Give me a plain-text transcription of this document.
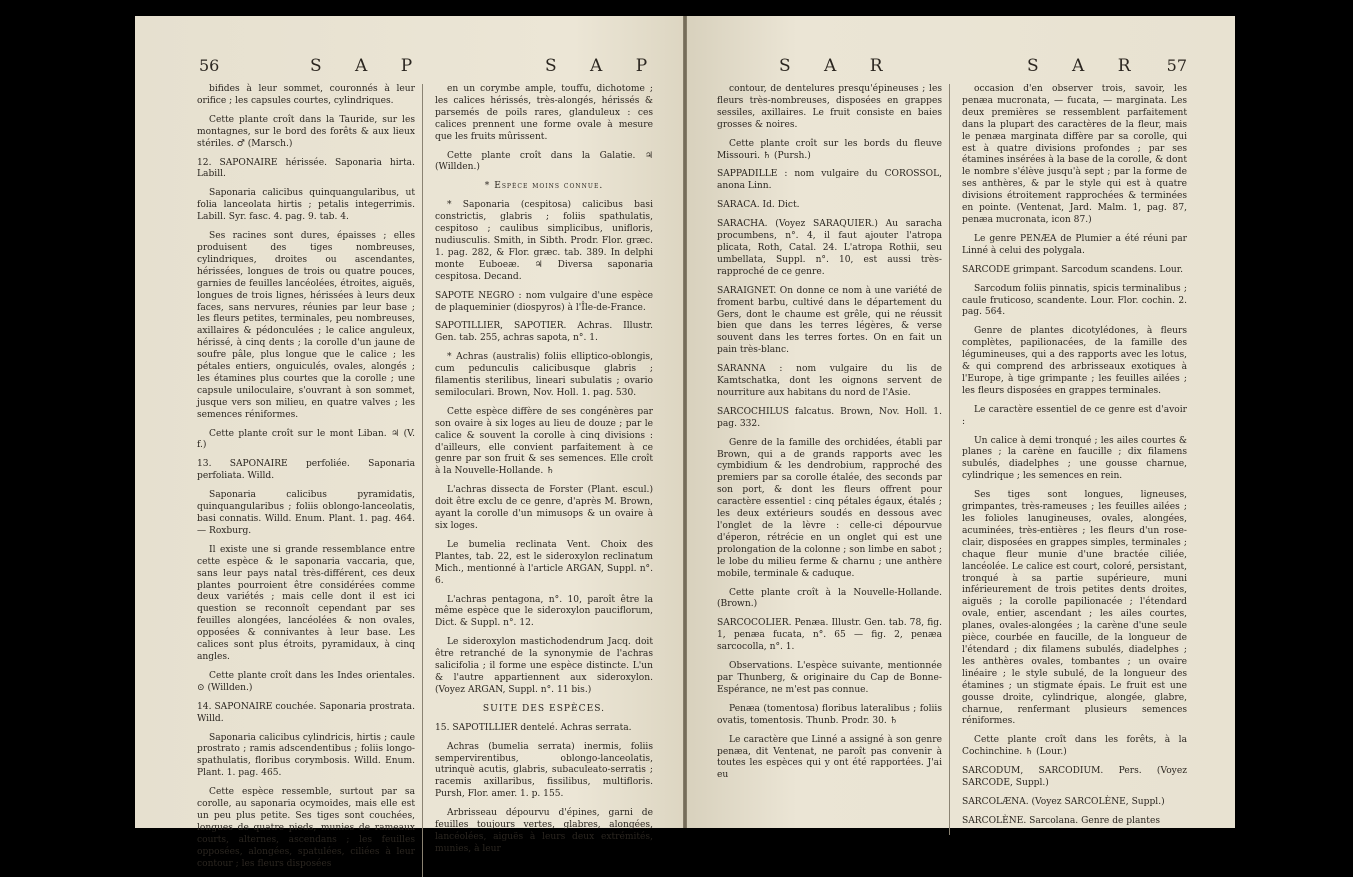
56	S A P	S A P

bifides à leur sommet, couronnés à leur orifice ; les capsules courtes, cylindriques.

Cette plante croît dans la Tauride, sur les montagnes, sur le bord des forêts & aux lieux stériles. ♂ (Marsch.)

12. SAPONAIRE hérissée. Saponaria hirta. Labill.

Saponaria calicibus quinquangularibus, ut folia lanceolata hirtis ; petalis integerrimis. Labill. Syr. fasc. 4. pag. 9. tab. 4.

Ses racines sont dures, épaisses ; elles produisent des tiges nombreuses, cylindriques, droites ou ascendantes, hérissées, longues de trois ou quatre pouces, garnies de feuilles lancéolées, étroites, aiguës, longues de trois lignes, hérissées à leurs deux faces, sans nervures, réunies par leur base ; les fleurs petites, terminales, peu nombreuses, axillaires & pédonculées ; le calice anguleux, hérissé, à cinq dents ; la corolle d'un jaune de soufre pâle, plus longue que le calice ; les pétales entiers, onguiculés, ovales, alongés ; les étamines plus courtes que la corolle ; une capsule uniloculaire, s'ouvrant à son sommet, jusque vers son milieu, en quatre valves ; les semences réniformes.

Cette plante croît sur le mont Liban. ♃ (V. f.)

13. SAPONAIRE perfoliée. Saponaria perfoliata. Willd.

Saponaria calicibus pyramidatis, quinquangularibus ; foliis oblongo-lanceolatis, basi connatis. Willd. Enum. Plant. 1. pag. 464. — Roxburg.

Il existe une si grande ressemblance entre cette espèce & le saponaria vaccaria, que, sans leur pays natal très-différent, ces deux plantes pourroient être considérées comme deux variétés ; mais celle dont il est ici question se reconnoît cependant par ses feuilles alongées, lancéolées & non ovales, opposées & connivantes à leur base. Les calices sont plus étroits, pyramidaux, à cinq angles.

Cette plante croît dans les Indes orientales. ⊙ (Willden.)

14. SAPONAIRE couchée. Saponaria prostrata. Willd.

Saponaria calicibus cylindricis, hirtis ; caule prostrato ; ramis adscendentibus ; foliis longo-spathulatis, floribus corymbosis. Willd. Enum. Plant. 1. pag. 465.

Cette espèce ressemble, surtout par sa corolle, au saponaria ocymoides, mais elle est un peu plus petite. Ses tiges sont couchées, longues de quatre pieds, munies de rameaux courts, alternes, ascendans ; les feuilles opposées, alongées, spatulées, ciliées à leur contour ; les fleurs disposées

en un corymbe ample, touffu, dichotome ; les calices hérissés, très-alongés, hérissés & parsemés de poils rares, glanduleux : ces calices prennent une forme ovale à mesure que les fruits mûrissent.

Cette plante croît dans la Galatie. ♃ (Willden.)

* Espèce moins connue.

* Saponaria (cespitosa) calicibus basi constrictis, glabris ; foliis spathulatis, cespitoso ; caulibus simplicibus, unifloris, nudiusculis. Smith, in Sibth. Prodr. Flor. græc. 1. pag. 282, & Flor. græc. tab. 389. In delphi monte Euboeæ. ♃ Diversa saponaria cespitosa. Decand.

SAPOTE NEGRO : nom vulgaire d'une espèce de plaqueminier (diospyros) à l'Île-de-France.

SAPOTILLIER, SAPOTIER. Achras. Illustr. Gen. tab. 255, achras sapota, n°. 1.

* Achras (australis) foliis ellipticо-oblongis, cum pedunculis calicibusque glabris ; filamentis sterilibus, linearі subulatis ; ovario semiloculari. Brown, Nov. Holl. 1. pag. 530.

Cette espèce diffère de ses congénères par son ovaire à six loges au lieu de douze ; par le calice & souvent la corolle à cinq divisions : d'ailleurs, elle convient parfaitement à ce genre par son fruit & ses semences. Elle croît à la Nouvelle-Hollande. ♄

L'achras dissecta de Forster (Plant. escul.) doit être exclu de ce genre, d'après M. Brown, ayant la corolle d'un mimusops & un ovaire à six loges.

Le bumelia reclinata Vent. Choix des Plantes, tab. 22, est le sideroxylon reclinatum Mich., mentionné à l'article ARGAN, Suppl. n°. 6.

L'achras pentagona, n°. 10, paroît être la même espèce que le sideroxylon pauciflorum, Dict. & Suppl. n°. 12.

Le sideroxylon mastichodendrum Jacq. doit être retranché de la synonymie de l'achras salicifolia ; il forme une espèce distincte. L'un & l'autre appartiennent aux sideroxylon. (Voyez ARGAN, Suppl. n°. 11 bis.)

SUITE DES ESPÈCES.

15. SAPOTILLIER dentelé. Achras serrata.

Achras (bumelia serrata) inermis, foliis sempervirentibus, oblongo-lanceolatis, utrinquè acutis, glabris, subaculeato-serratis ; racemis axillaribus, fissilibus, multifloris. Pursh, Flor. amer. 1. p. 155.

Arbrisseau dépourvu d'épines, garni de feuilles toujours vertes, glabres, alongées, lancéolées, aiguës à leurs deux extrémités, munies, à leur

57
S A R	S A R

contour, de dentelures presqu'épineuses ; les fleurs très-nombreuses, disposées en grappes sessiles, axillaires. Le fruit consiste en baies grosses & noires.

Cette plante croît sur les bords du fleuve Missouri. ♄ (Pursh.)

SAPPADILLE : nom vulgaire du COROSSOL, anona Linn.

SARACA. Id. Dict.

SARACHA. (Voyez SARAQUIER.) Au saracha procumbens, n°. 4, il faut ajouter l'atropa plicata, Roth, Catal. 24. L'atropa Rothii, seu umbellata, Suppl. n°. 10, est aussi très-rapproché de ce genre.

SARAIGNET. On donne ce nom à une variété de froment barbu, cultivé dans le département du Gers, dont le chaume est grêle, qui ne réussit bien que dans les terres légères, & verse souvent dans les terres fortes. On en fait un pain très-blanc.

SARANNA : nom vulgaire du lis de Kamtschatka, dont les oignons servent de nourriture aux habitans du nord de l'Asie.

SARCOCHILUS falcatus. Brown, Nov. Holl. 1. pag. 332.

Genre de la famille des orchidées, établi par Brown, qui a de grands rapports avec les cymbidium & les dendrobium, rapproché des premiers par sa corolle étalée, des seconds par son port, & dont les fleurs offrent pour caractère essentiel : cinq pétales égaux, étalés ; les deux extérieurs soudés en dessous avec l'onglet de la lèvre : celle-ci dépourvue d'éperon, rétrécie en un onglet qui est une prolongation de la colonne ; son limbe en sabot ; le lobe du milieu ferme & charnu ; une anthère mobile, terminale & caduque.

Cette plante croît à la Nouvelle-Hollande. (Brown.)

SARCOCOLIER. Penæa. Illustr. Gen. tab. 78, fig. 1, penæa fucata, n°. 65 — fig. 2, penæa sarcocolla, n°. 1.

Observations. L'espèce suivante, mentionnée par Thunberg, & originaire du Cap de Bonne-Espérance, ne m'est pas connue.

Penæa (tomentosa) floribus lateralibus ; foliis ovatis, tomentosis. Thunb. Prodr. 30. ♄

Le caractère que Linné a assigné à son genre penæa, dit Ventenat, ne paroît pas convenir à toutes les espèces qui y ont été rapportées. J'ai eu

occasion d'en observer trois, savoir, les penæa mucronata, — fucata, — marginata. Les deux premières se ressemblent parfaitement dans la plupart des caractères de la fleur, mais le penæa marginata diffère par sa corolle, qui est à quatre divisions profondes ; par ses étamines insérées à la base de la corolle, & dont le nombre s'élève jusqu'à sept ; par la forme de ses anthères, & par le style qui est à quatre divisions étroitement rapprochées & terminées en pointe. (Ventenat, Jard. Malm. 1, pag. 87, penæa mucronata, icon 87.)

Le genre PENÆA de Plumier a été réuni par Linné à celui des polygala.

SARCODE grimpant. Sarcodum scandens. Lour.

Sarcodum foliis pinnatis, spicis terminalibus ; caule fruticoso, scandente. Lour. Flor. cochin. 2. pag. 564.

Genre de plantes dicotylédones, à fleurs complètes, papilionacées, de la famille des légumineuses, qui a des rapports avec les lotus, & qui comprend des arbrisseaux exotiques à l'Europe, à tige grimpante ; les feuilles ailées ; les fleurs disposées en grappes terminales.

Le caractère essentiel de ce genre est d'avoir :

Un calice à demi tronqué ; les ailes courtes & planes ; la carène en faucille ; dix filamens subulés, diadelphes ; une gousse charnue, cylindrique ; les semences en rein.

Ses tiges sont longues, ligneuses, grimpantes, très-rameuses ; les feuilles ailées ; les folioles lanugineuses, ovales, alongées, acuminées, très-entières ; les fleurs d'un rose-clair, disposées en grappes simples, terminales ; chaque fleur munie d'une bractée ciliée, lancéolée. Le calice est court, coloré, persistant, tronqué à sa partie supérieure, muni inférieurement de trois petites dents droites, aiguës ; la corolle papilionacée ; l'étendard ovale, entier, ascendant ; les ailes courtes, planes, ovales-alongées ; la carène d'une seule pièce, courbée en faucille, de la longueur de l'étendard ; dix filamens subulés, diadelphes ; les anthères ovales, tombantes ; un ovaire linéaire ; le style subulé, de la longueur des étamines ; un stigmate épais. Le fruit est une gousse droite, cylindrique, alongée, glabre, charnue, renfermant plusieurs semences réniformes.

Cette plante croît dans les forêts, à la Cochinchine. ♄ (Lour.)

SARCODUM, SARCODIUM. Pers. (Voyez SARCODE, Suppl.)

SARCOLÆNA. (Voyez SARCOLÈNE, Suppl.)

SARCOLÈNE. Sarcolana. Genre de plantes
